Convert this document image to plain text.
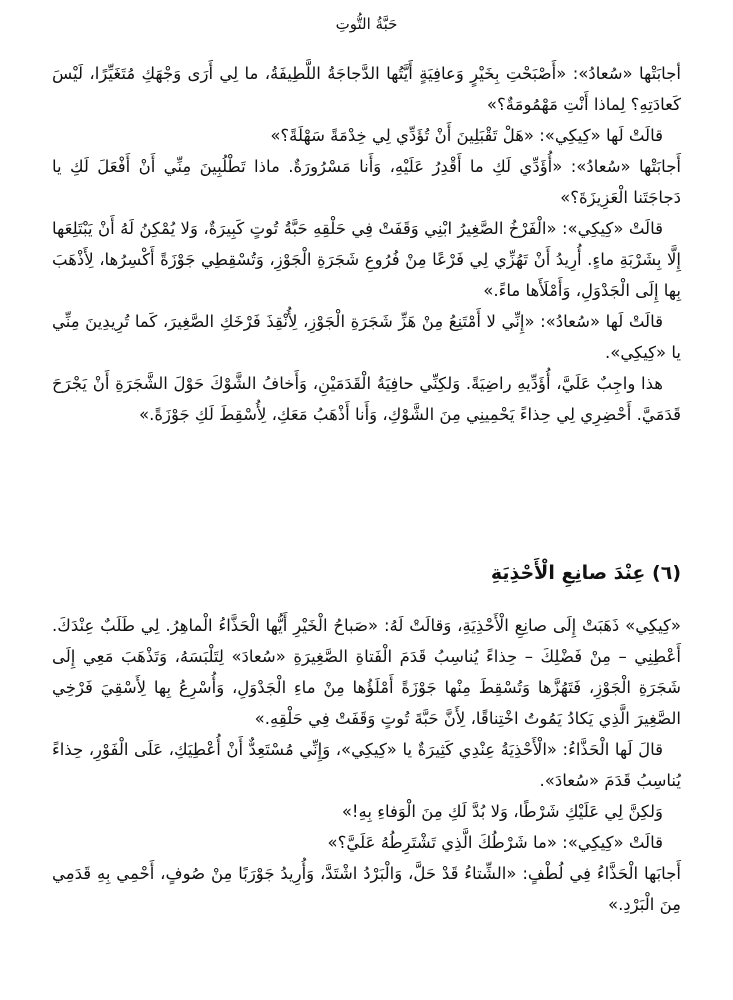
حَبَّةُ التُّوتِ

أجابَتْها «سُعادُ»: «أَصْبَحْتِ بِخَيْرٍ وَعافِيَةٍ أَيَّتُها الدَّجاجَةُ اللَّطِيفَةُ، ما لِي أَرَى وَجْهَكِ مُتَغَيِّرًا، لَيْسَ كَعادَتِهِ؟ لِماذا أَنْتِ مَهْمُومَةٌ؟»

قالَتْ لَها «كِيكِي»: «هَلْ تَقْبَلِينَ أَنْ تُؤَدِّي لِي خِدْمَةً سَهْلَةً؟»

أَجابَتْها «سُعادُ»: «أُؤَدِّي لَكِ ما أَقْدِرُ عَلَيْهِ، وَأَنا مَسْرُورَةٌ. ماذا تَطْلُبِينَ مِنِّي أَنْ أَفْعَلَ لَكِ يا دَجاجَتَنا الْعَزِيزَةَ؟»

قالَتْ «كِيكِي»: «الْفَرْخُ الصَّغِيرُ ابْنِي وَقَفَتْ فِي حَلْقِهِ حَبَّةُ تُوتٍ كَبِيرَةٌ، وَلا يُمْكِنُ لَهُ أَنْ يَبْتَلِعَها إِلَّا بِشَرْبَةِ ماءٍ. أُرِيدُ أَنْ تَهُزِّي لِي فَرْعًا مِنْ فُرُوعِ شَجَرَةِ الْجَوْزِ، وَتُسْقِطِي جَوْزَةً أَكْسِرُها، لِأَذْهَبَ بِها إِلَى الْجَدْوَلِ، وَأَمْلَأَها ماءً.»

قالَتْ لَها «سُعادُ»: «إِنِّي لا أَمْتَنِعُ مِنْ هَزِّ شَجَرَةِ الْجَوْزِ، لِأُنْقِذَ فَرْخَكِ الصَّغِيرَ، كَما تُرِيدِينَ مِنِّي يا «كِيكِي».

هذا واجِبٌ عَلَيَّ، أُؤَدِّيهِ راضِيَةً. وَلكِنِّي حافِيَةُ الْقَدَمَيْنِ، وَأَخافُ الشَّوْكَ حَوْلَ الشَّجَرَةِ أَنْ يَجْرَحَ قَدَمَيَّ. أَحْضِرِي لِي حِذاءً يَحْمِينِي مِنَ الشَّوْكِ، وَأَنا أَذْهَبُ مَعَكِ، لِأُسْقِطَ لَكِ جَوْزَةً.»

(٦) عِنْدَ صانِعِ الْأَحْذِيَةِ

«كِيكِي» ذَهَبَتْ إِلَى صانِعِ الْأَحْذِيَةِ، وَقالَتْ لَهُ: «صَباحُ الْخَيْرِ أَيُّها الْحَذَّاءُ الْماهِرُ. لِي طَلَبٌ عِنْدَكَ. أَعْطِنِي – مِنْ فَضْلِكَ – حِذاءً يُناسِبُ قَدَمَ الْفَتاةِ الصَّغِيرَةِ «سُعادَ» لِتَلْبَسَهُ، وَتَذْهَبَ مَعِي إِلَى شَجَرَةِ الْجَوْزِ، فَتَهُزَّها وَتُسْقِطَ مِنْها جَوْزَةً أَمْلَؤُها مِنْ ماءِ الْجَدْوَلِ، وَأُسْرِعُ بِها لِأَسْقِيَ فَرْخِي الصَّغِيرَ الَّذِي يَكادُ يَمُوتُ اخْتِناقًا، لِأَنَّ حَبَّةَ تُوتٍ وَقَفَتْ فِي حَلْقِهِ.»

قالَ لَها الْحَذَّاءُ: «الْأَحْذِيَةُ عِنْدِي كَثِيرَةٌ يا «كِيكِي»، وَإِنِّي مُسْتَعِدٌّ أَنْ أُعْطِيَكِ، عَلَى الْفَوْرِ، حِذاءً يُناسِبُ قَدَمَ «سُعادَ».

وَلكِنَّ لِي عَلَيْكِ شَرْطًا، وَلا بُدَّ لَكِ مِنَ الْوَفاءِ بِهِ!»

قالَتْ «كِيكِي»: «ما شَرْطُكَ الَّذِي تَشْتَرِطُهُ عَلَيَّ؟»

أَجابَها الْحَذَّاءُ فِي لُطْفٍ: «الشِّتاءُ قَدْ حَلَّ، وَالْبَرْدُ اشْتَدَّ، وَأُرِيدُ جَوْرَبًا مِنْ صُوفٍ، أَحْمِي بِهِ قَدَمِي مِنَ الْبَرْدِ.»
